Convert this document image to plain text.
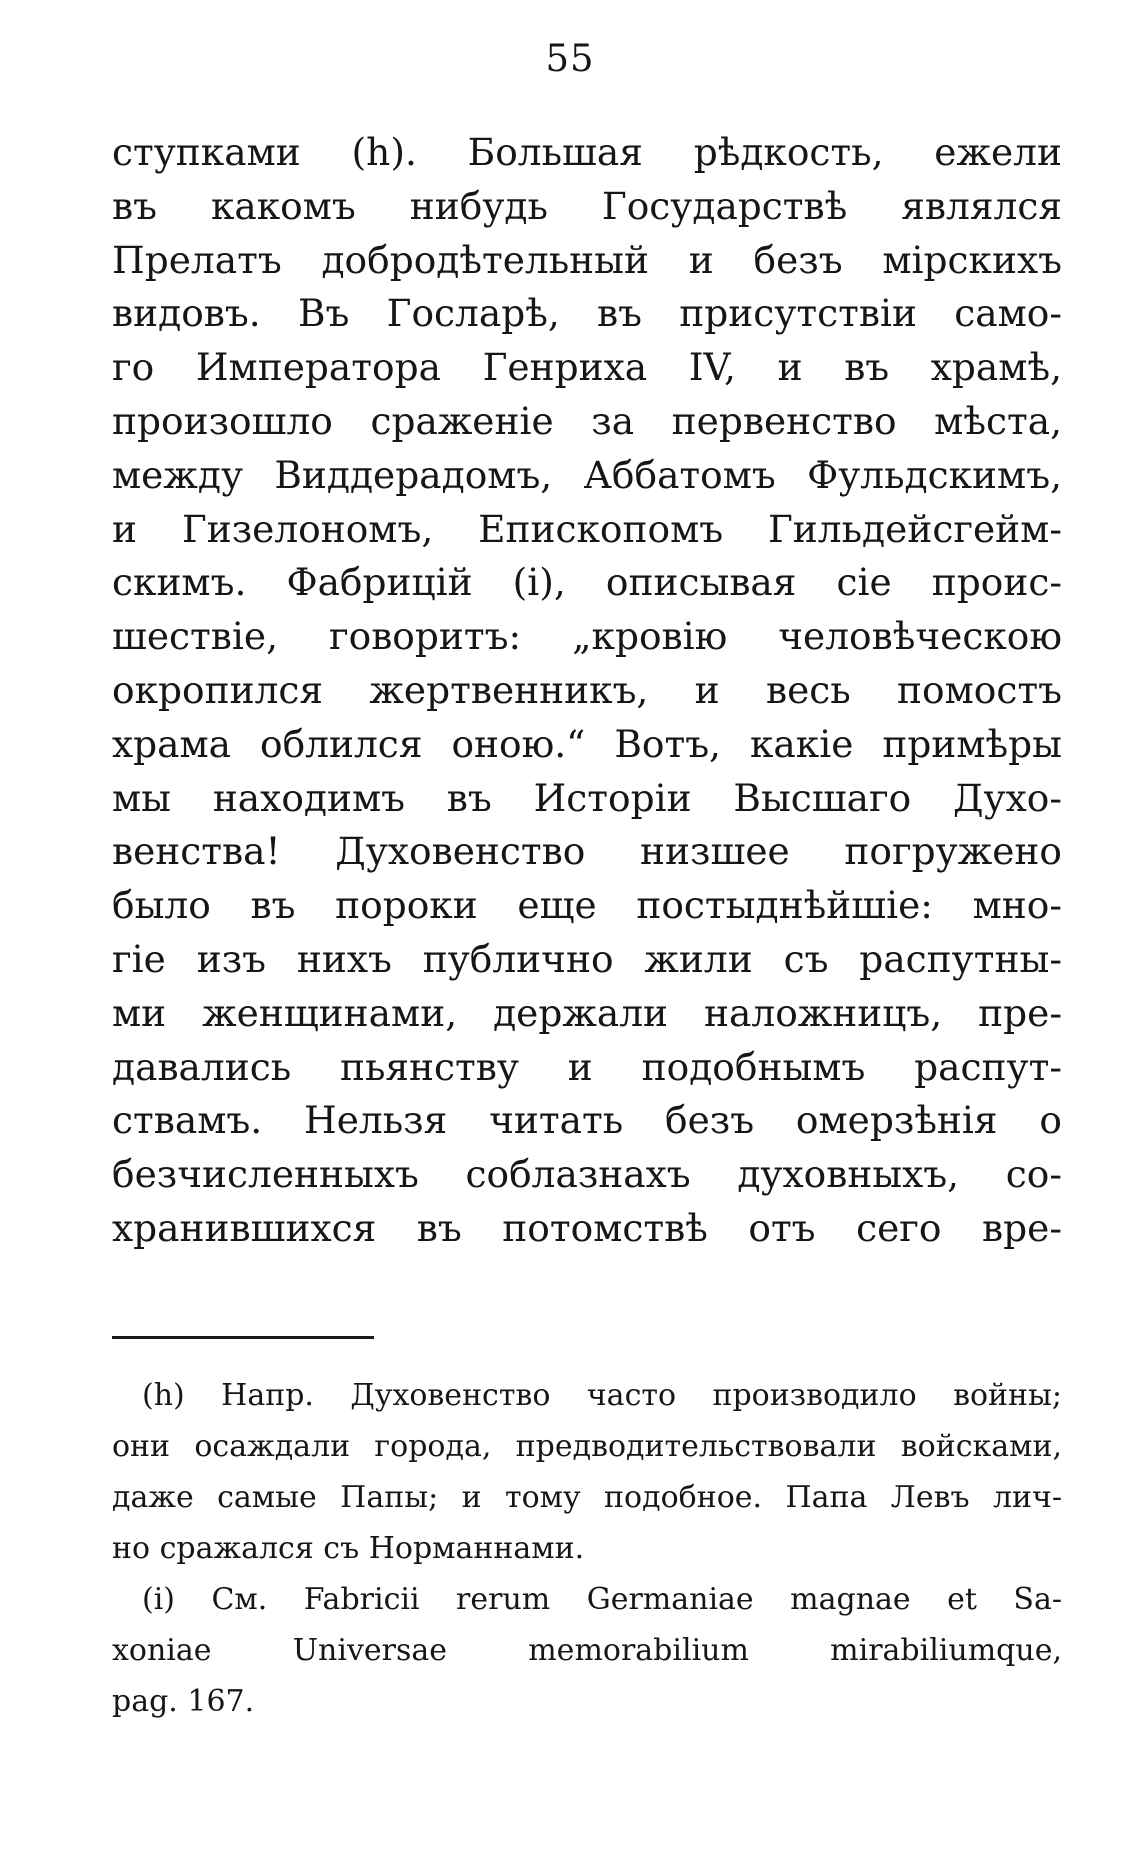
55
ступками (h). Большая рѣдкость, ежели
въ какомъ нибудь Государствѣ являлся
Прелатъ добродѣтельный и безъ мірскихъ
видовъ. Въ Госларѣ, въ присутствіи само-
го Императора Генриха IV, и въ храмѣ,
произошло сраженіе за первенство мѣста,
между Виддерадомъ, Аббатомъ Фульдскимъ,
и Гизелономъ, Епископомъ Гильдейсгейм-
скимъ. Фабрицій (i), описывая сіе проис-
шествіе, говоритъ: „кровію человѣческою
окропился жертвенникъ, и весь помостъ
храма облился оною.“ Вотъ, какіе примѣры
мы находимъ въ Исторіи Высшаго Духо-
венства! Духовенство низшее погружено
было въ пороки еще постыднѣйшіе: мно-
гіе изъ нихъ публично жили съ распутны-
ми женщинами, держали наложницъ, пре-
давались пьянству и подобнымъ распут-
ствамъ. Нельзя читать безъ омерзѣнія о
безчисленныхъ соблазнахъ духовныхъ, со-
хранившихся въ потомствѣ отъ сего вре-
(h) Напр. Духовенство часто производило войны;
они осаждали города, предводительствовали войсками,
даже самые Папы; и тому подобное. Папа Левъ лич-
но сражался съ Норманнами.
(i) См. Fabricii rerum Germaniae magnae et Sa-
xoniae Universae memorabilium mirabiliumque,
pag. 167.
